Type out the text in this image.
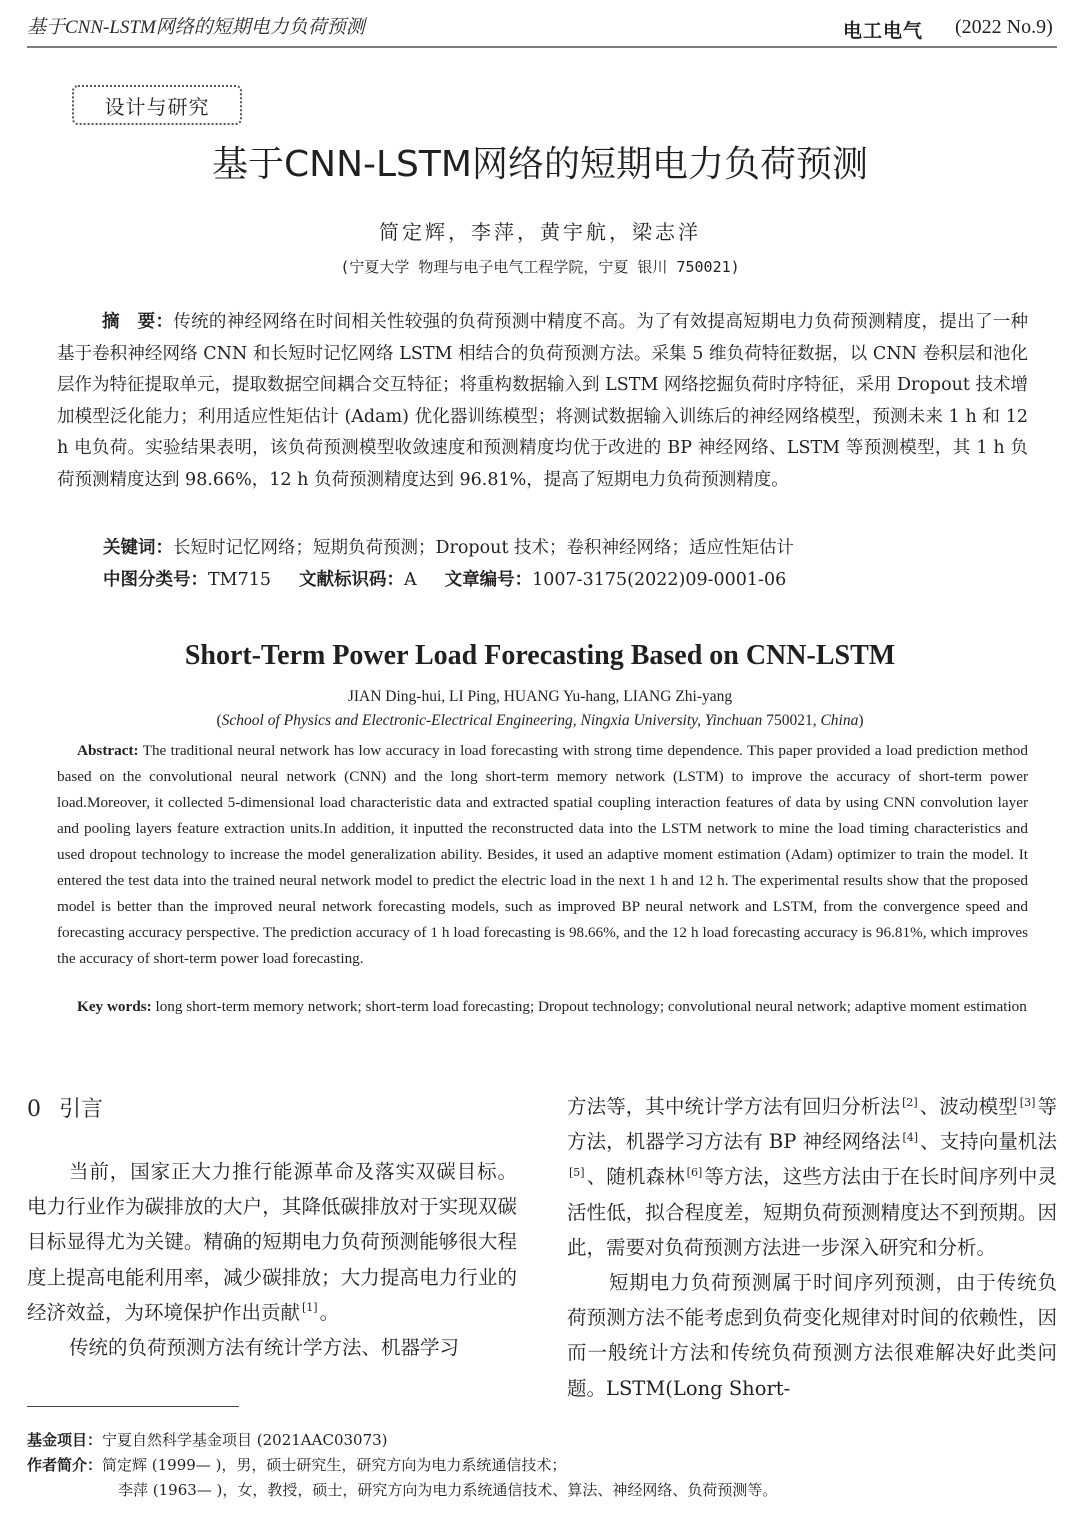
基于CNN-LSTM网络的短期电力负荷预测	电工电气 (2022 No.9)
设计与研究
基于CNN-LSTM网络的短期电力负荷预测
简定辉，李萍，黄宇航，梁志洋
(宁夏大学 物理与电子电气工程学院，宁夏 银川 750021)
摘　要：传统的神经网络在时间相关性较强的负荷预测中精度不高。为了有效提高短期电力负荷预测精度，提出了一种基于卷积神经网络 CNN 和长短时记忆网络 LSTM 相结合的负荷预测方法。采集 5 维负荷特征数据，以 CNN 卷积层和池化层作为特征提取单元，提取数据空间耦合交互特征；将重构数据输入到 LSTM 网络挖掘负荷时序特征，采用 Dropout 技术增加模型泛化能力；利用适应性矩估计 (Adam) 优化器训练模型；将测试数据输入训练后的神经网络模型，预测未来 1 h 和 12 h 电负荷。实验结果表明，该负荷预测模型收敛速度和预测精度均优于改进的 BP 神经网络、LSTM 等预测模型，其 1 h 负荷预测精度达到 98.66%，12 h 负荷预测精度达到 96.81%，提高了短期电力负荷预测精度。
关键词：长短时记忆网络；短期负荷预测；Dropout 技术；卷积神经网络；适应性矩估计
中图分类号：TM715 文献标识码：A 文章编号：1007-3175(2022)09-0001-06
Short-Term Power Load Forecasting Based on CNN-LSTM
JIAN Ding-hui, LI Ping, HUANG Yu-hang, LIANG Zhi-yang
(School of Physics and Electronic-Electrical Engineering, Ningxia University, Yinchuan 750021, China)
Abstract: The traditional neural network has low accuracy in load forecasting with strong time dependence. This paper provided a load prediction method based on the convolutional neural network (CNN) and the long short-term memory network (LSTM) to improve the accuracy of short-term power load.Moreover, it collected 5-dimensional load characteristic data and extracted spatial coupling interaction features of data by using CNN convolution layer and pooling layers feature extraction units.In addition, it inputted the reconstructed data into the LSTM network to mine the load timing characteristics and used dropout technology to increase the model generalization ability. Besides, it used an adaptive moment estimation (Adam) optimizer to train the model. It entered the test data into the trained neural network model to predict the electric load in the next 1 h and 12 h. The experimental results show that the proposed model is better than the improved neural network forecasting models, such as improved BP neural network and LSTM, from the convergence speed and forecasting accuracy perspective. The prediction accuracy of 1 h load forecasting is 98.66%, and the 12 h load forecasting accuracy is 96.81%, which improves the accuracy of short-term power load forecasting.
Key words: long short-term memory network; short-term load forecasting; Dropout technology; convolutional neural network; adaptive moment estimation
0 引言

当前，国家正大力推行能源革命及落实双碳目标。电力行业作为碳排放的大户，其降低碳排放对于实现双碳目标显得尤为关键。精确的短期电力负荷预测能够很大程度上提高电能利用率，减少碳排放；大力提高电力行业的经济效益，为环境保护作出贡献 [1] 。

传统的负荷预测方法有统计学方法、机器学习

方法等，其中统计学方法有回归分析法 [2] 、波动模型 [3] 等方法，机器学习方法有 BP 神经网络法 [4] 、支持向量机法[5] 、随机森林 [6] 等方法，这些方法由于在长时间序列中灵活性低，拟合程度差，短期负荷预测精度达不到预期。因此，需要对负荷预测方法进一步深入研究和分析。

短期电力负荷预测属于时间序列预测，由于传统负荷预测方法不能考虑到负荷变化规律对时间的依赖性，因而一般统计方法和传统负荷预测方法很难解决好此类问题。LSTM(Long Short-

基金项目：宁夏自然科学基金项目 (2021AAC03073)
作者简介：简定辉 (1999— )，男，硕士研究生，研究方向为电力系统通信技术；
李萍 (1963— )，女，教授，硕士，研究方向为电力系统通信技术、算法、神经网络、负荷预测等。
